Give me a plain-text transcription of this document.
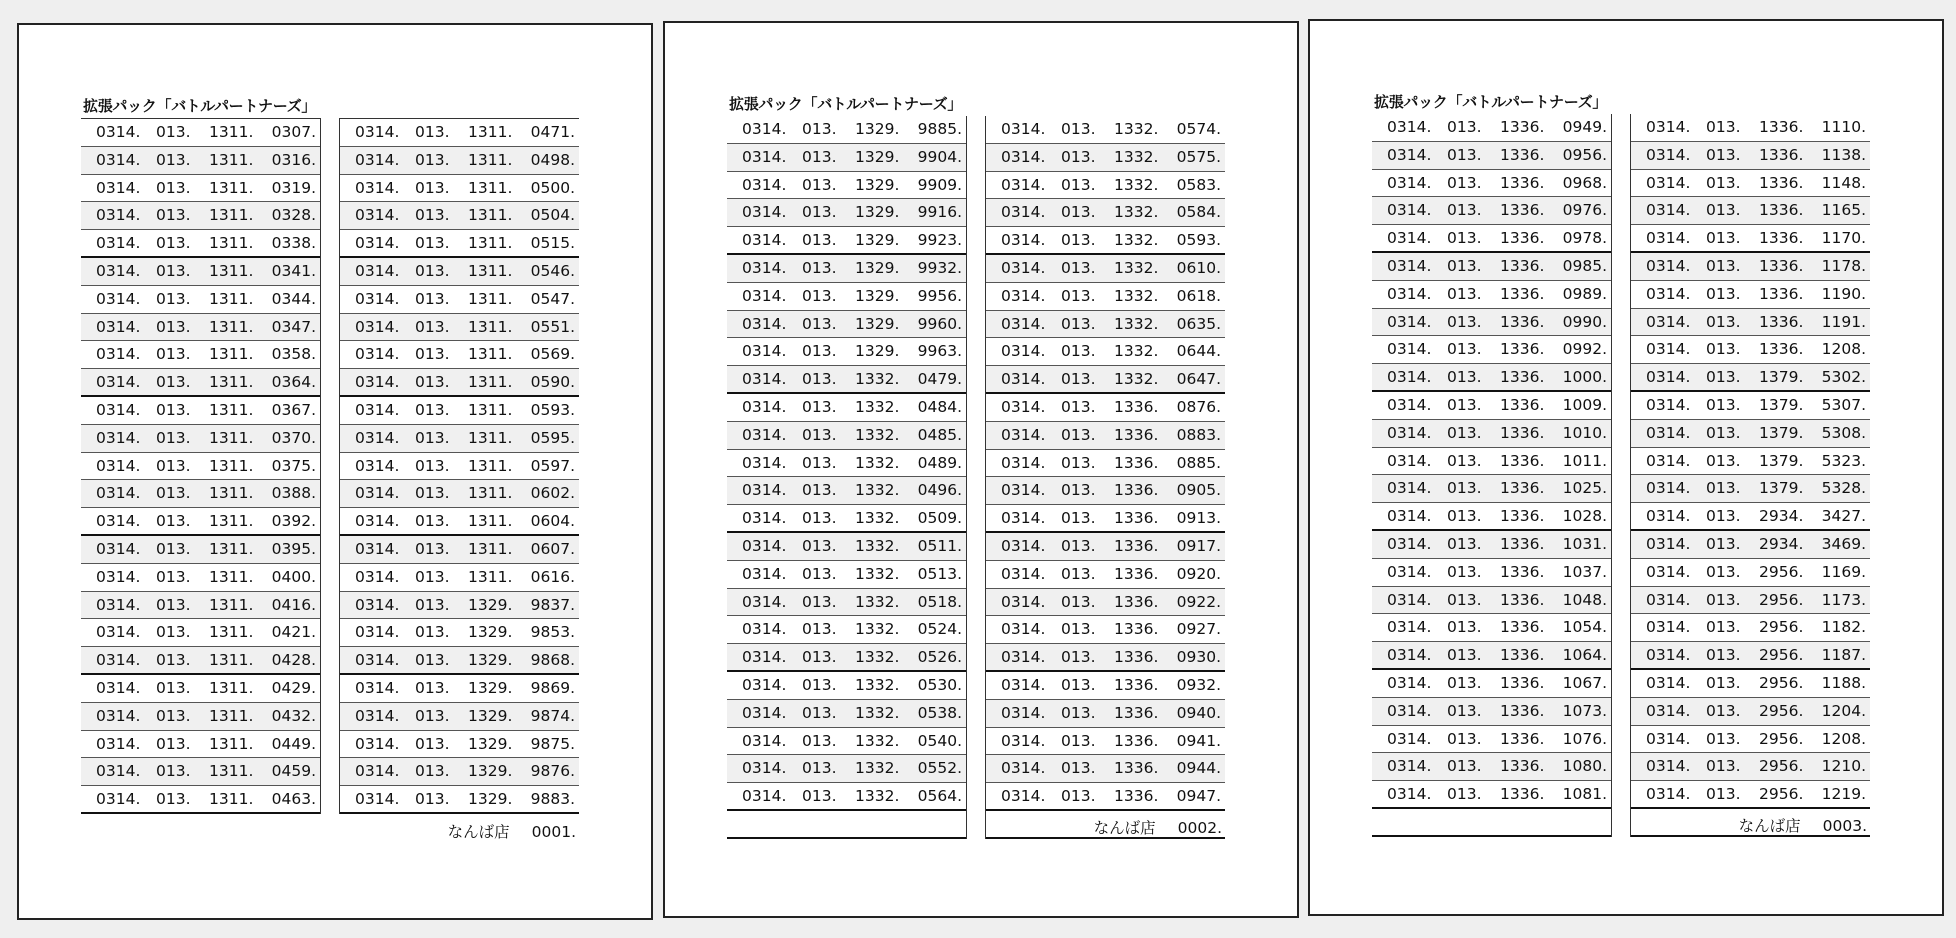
拡張パック「バトルパートナーズ」
0314. 013. 1311. 0307.
0314. 013. 1311. 0316.
0314. 013. 1311. 0319.
0314. 013. 1311. 0328.
0314. 013. 1311. 0338.
0314. 013. 1311. 0341.
0314. 013. 1311. 0344.
0314. 013. 1311. 0347.
0314. 013. 1311. 0358.
0314. 013. 1311. 0364.
0314. 013. 1311. 0367.
0314. 013. 1311. 0370.
0314. 013. 1311. 0375.
0314. 013. 1311. 0388.
0314. 013. 1311. 0392.
0314. 013. 1311. 0395.
0314. 013. 1311. 0400.
0314. 013. 1311. 0416.
0314. 013. 1311. 0421.
0314. 013. 1311. 0428.
0314. 013. 1311. 0429.
0314. 013. 1311. 0432.
0314. 013. 1311. 0449.
0314. 013. 1311. 0459.
0314. 013. 1311. 0463.
0314. 013. 1311. 0471.
0314. 013. 1311. 0498.
0314. 013. 1311. 0500.
0314. 013. 1311. 0504.
0314. 013. 1311. 0515.
0314. 013. 1311. 0546.
0314. 013. 1311. 0547.
0314. 013. 1311. 0551.
0314. 013. 1311. 0569.
0314. 013. 1311. 0590.
0314. 013. 1311. 0593.
0314. 013. 1311. 0595.
0314. 013. 1311. 0597.
0314. 013. 1311. 0602.
0314. 013. 1311. 0604.
0314. 013. 1311. 0607.
0314. 013. 1311. 0616.
0314. 013. 1329. 9837.
0314. 013. 1329. 9853.
0314. 013. 1329. 9868.
0314. 013. 1329. 9869.
0314. 013. 1329. 9874.
0314. 013. 1329. 9875.
0314. 013. 1329. 9876.
0314. 013. 1329. 9883.
なんば店 0001.
拡張パック「バトルパートナーズ」
0314. 013. 1329. 9885.
0314. 013. 1329. 9904.
0314. 013. 1329. 9909.
0314. 013. 1329. 9916.
0314. 013. 1329. 9923.
0314. 013. 1329. 9932.
0314. 013. 1329. 9956.
0314. 013. 1329. 9960.
0314. 013. 1329. 9963.
0314. 013. 1332. 0479.
0314. 013. 1332. 0484.
0314. 013. 1332. 0485.
0314. 013. 1332. 0489.
0314. 013. 1332. 0496.
0314. 013. 1332. 0509.
0314. 013. 1332. 0511.
0314. 013. 1332. 0513.
0314. 013. 1332. 0518.
0314. 013. 1332. 0524.
0314. 013. 1332. 0526.
0314. 013. 1332. 0530.
0314. 013. 1332. 0538.
0314. 013. 1332. 0540.
0314. 013. 1332. 0552.
0314. 013. 1332. 0564.
0314. 013. 1332. 0574.
0314. 013. 1332. 0575.
0314. 013. 1332. 0583.
0314. 013. 1332. 0584.
0314. 013. 1332. 0593.
0314. 013. 1332. 0610.
0314. 013. 1332. 0618.
0314. 013. 1332. 0635.
0314. 013. 1332. 0644.
0314. 013. 1332. 0647.
0314. 013. 1336. 0876.
0314. 013. 1336. 0883.
0314. 013. 1336. 0885.
0314. 013. 1336. 0905.
0314. 013. 1336. 0913.
0314. 013. 1336. 0917.
0314. 013. 1336. 0920.
0314. 013. 1336. 0922.
0314. 013. 1336. 0927.
0314. 013. 1336. 0930.
0314. 013. 1336. 0932.
0314. 013. 1336. 0940.
0314. 013. 1336. 0941.
0314. 013. 1336. 0944.
0314. 013. 1336. 0947.
なんば店 0002.
拡張パック「バトルパートナーズ」
0314. 013. 1336. 0949.
0314. 013. 1336. 0956.
0314. 013. 1336. 0968.
0314. 013. 1336. 0976.
0314. 013. 1336. 0978.
0314. 013. 1336. 0985.
0314. 013. 1336. 0989.
0314. 013. 1336. 0990.
0314. 013. 1336. 0992.
0314. 013. 1336. 1000.
0314. 013. 1336. 1009.
0314. 013. 1336. 1010.
0314. 013. 1336. 1011.
0314. 013. 1336. 1025.
0314. 013. 1336. 1028.
0314. 013. 1336. 1031.
0314. 013. 1336. 1037.
0314. 013. 1336. 1048.
0314. 013. 1336. 1054.
0314. 013. 1336. 1064.
0314. 013. 1336. 1067.
0314. 013. 1336. 1073.
0314. 013. 1336. 1076.
0314. 013. 1336. 1080.
0314. 013. 1336. 1081.
0314. 013. 1336. 1110.
0314. 013. 1336. 1138.
0314. 013. 1336. 1148.
0314. 013. 1336. 1165.
0314. 013. 1336. 1170.
0314. 013. 1336. 1178.
0314. 013. 1336. 1190.
0314. 013. 1336. 1191.
0314. 013. 1336. 1208.
0314. 013. 1379. 5302.
0314. 013. 1379. 5307.
0314. 013. 1379. 5308.
0314. 013. 1379. 5323.
0314. 013. 1379. 5328.
0314. 013. 2934. 3427.
0314. 013. 2934. 3469.
0314. 013. 2956. 1169.
0314. 013. 2956. 1173.
0314. 013. 2956. 1182.
0314. 013. 2956. 1187.
0314. 013. 2956. 1188.
0314. 013. 2956. 1204.
0314. 013. 2956. 1208.
0314. 013. 2956. 1210.
0314. 013. 2956. 1219.
なんば店 0003.
